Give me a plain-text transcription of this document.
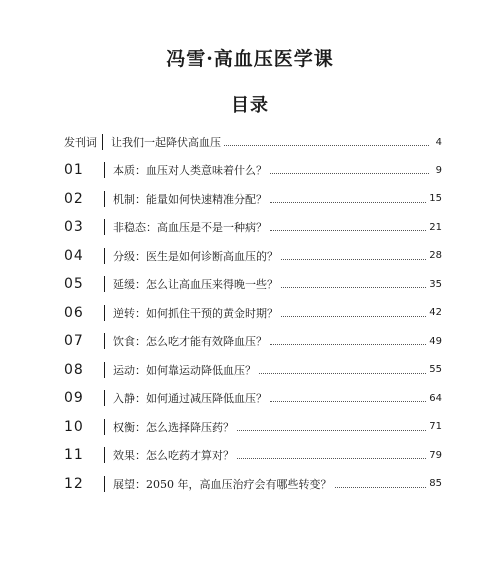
冯雪·高血压医学课
目录
发刊词	让我们一起降伏高血压	4
01	本质：血压对人类意味着什么？	9
02	机制：能量如何快速精准分配？	15
03	非稳态：高血压是不是一种病？	21
04	分级：医生是如何诊断高血压的？	28
05	延缓：怎么让高血压来得晚一些？	35
06	逆转：如何抓住干预的黄金时期？	42
07	饮食：怎么吃才能有效降血压？	49
08	运动：如何靠运动降低血压？	55
09	入静：如何通过减压降低血压？	64
10	权衡：怎么选择降压药？	71
11	效果：怎么吃药才算对？	79
12	展望：2050 年，高血压治疗会有哪些转变？	85
